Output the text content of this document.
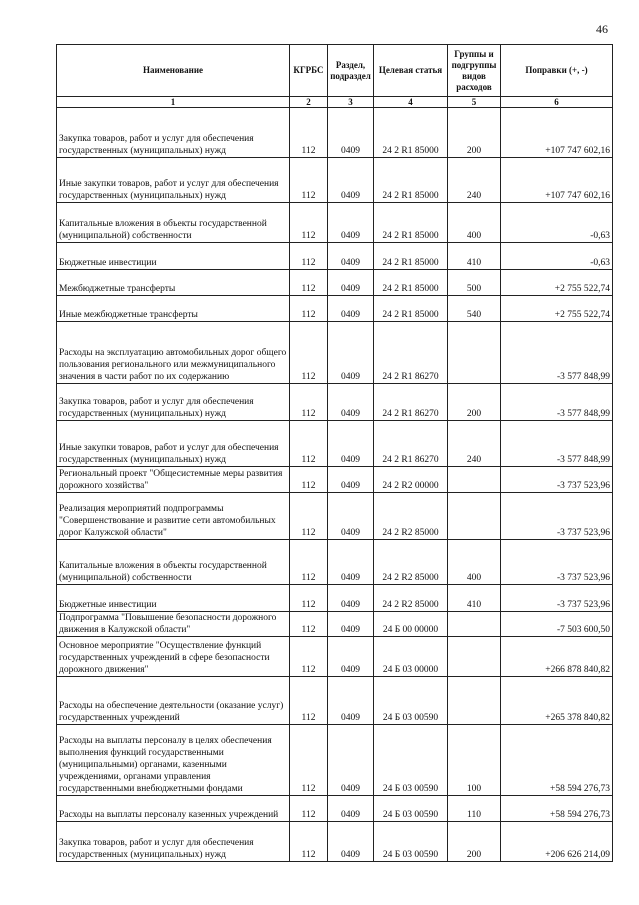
46
Наименование	КГРБС	Раздел, подраздел	Целевая статья	Группы и подгруппы видов расходов	Поправки (+, -)
1	2	3	4	5	6
Закупка товаров, работ и услуг для обеспечения государственных (муниципальных) нужд	112	0409	24 2 R1 85000	200	+107 747 602,16
Иные закупки товаров, работ и услуг для обеспечения государственных (муниципальных) нужд	112	0409	24 2 R1 85000	240	+107 747 602,16
Капитальные вложения в объекты государственной (муниципальной) собственности	112	0409	24 2 R1 85000	400	-0,63
Бюджетные инвестиции	112	0409	24 2 R1 85000	410	-0,63
Межбюджетные трансферты	112	0409	24 2 R1 85000	500	+2 755 522,74
Иные межбюджетные трансферты	112	0409	24 2 R1 85000	540	+2 755 522,74
Расходы на эксплуатацию автомобильных дорог общего пользования регионального или межмуниципального значения в части работ по их содержанию	112	0409	24 2 R1 86270		-3 577 848,99
Закупка товаров, работ и услуг для обеспечения государственных (муниципальных) нужд	112	0409	24 2 R1 86270	200	-3 577 848,99
Иные закупки товаров, работ и услуг для обеспечения государственных (муниципальных) нужд	112	0409	24 2 R1 86270	240	-3 577 848,99
Региональный проект "Общесистемные меры развития дорожного хозяйства"	112	0409	24 2 R2 00000		-3 737 523,96
Реализация мероприятий подпрограммы "Совершенствование и развитие сети автомобильных дорог Калужской области"	112	0409	24 2 R2 85000		-3 737 523,96
Капитальные вложения в объекты государственной (муниципальной) собственности	112	0409	24 2 R2 85000	400	-3 737 523,96
Бюджетные инвестиции	112	0409	24 2 R2 85000	410	-3 737 523,96
Подпрограмма "Повышение безопасности дорожного движения в Калужской области"	112	0409	24 Б 00 00000		-7 503 600,50
Основное мероприятие "Осуществление функций государственных учреждений в сфере безопасности дорожного движения"	112	0409	24 Б 03 00000		+266 878 840,82
Расходы на обеспечение деятельности (оказание услуг) государственных учреждений	112	0409	24 Б 03 00590		+265 378 840,82
Расходы на выплаты персоналу в целях обеспечения выполнения функций государственными (муниципальными) органами, казенными учреждениями, органами управления государственными внебюджетными фондами	112	0409	24 Б 03 00590	100	+58 594 276,73
Расходы на выплаты персоналу казенных учреждений	112	0409	24 Б 03 00590	110	+58 594 276,73
Закупка товаров, работ и услуг для обеспечения государственных (муниципальных) нужд	112	0409	24 Б 03 00590	200	+206 626 214,09
